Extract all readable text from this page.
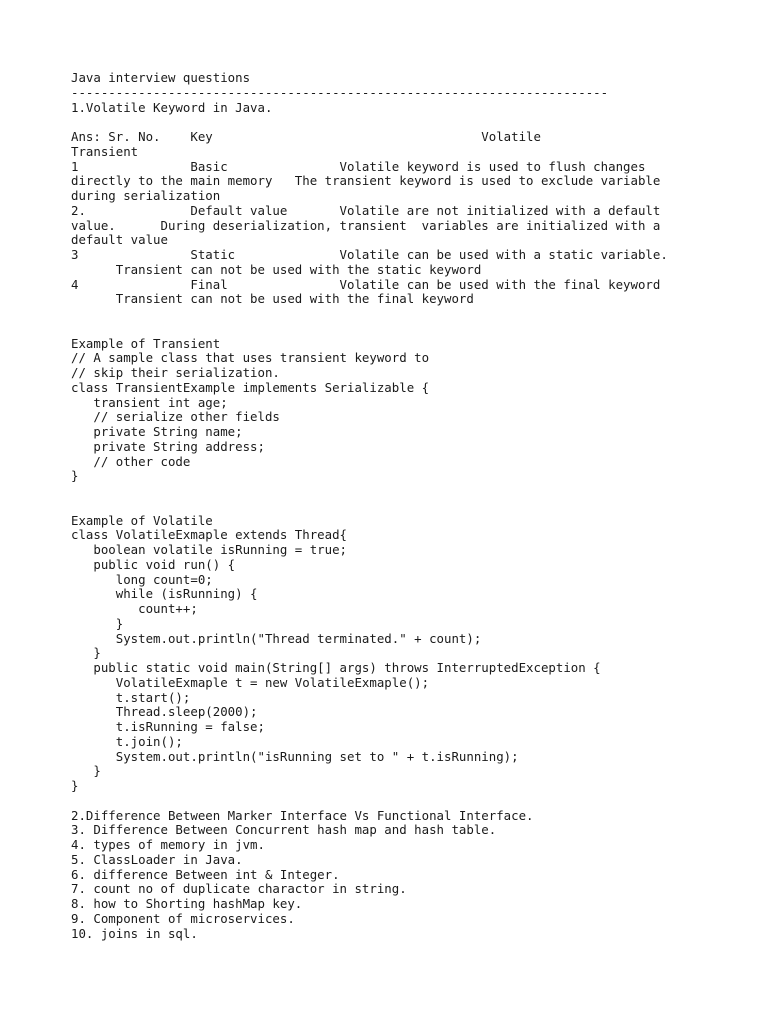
Java interview questions
------------------------------------------------------------------------
1.Volatile Keyword in Java.
Ans: Sr. No.    Key                                    Volatile
Transient
1               Basic               Volatile keyword is used to flush changes
directly to the main memory   The transient keyword is used to exclude variable
during serialization
2.              Default value       Volatile are not initialized with a default
value.      During deserialization, transient  variables are initialized with a
default value
3               Static              Volatile can be used with a static variable.
Transient can not be used with the static keyword
4               Final               Volatile can be used with the final keyword
Transient can not be used with the final keyword
Example of Transient
// A sample class that uses transient keyword to
// skip their serialization.
class TransientExample implements Serializable {
transient int age;
// serialize other fields
private String name;
private String address;
// other code
}
Example of Volatile
class VolatileExmaple extends Thread{
boolean volatile isRunning = true;
public void run() {
long count=0;
while (isRunning) {
count++;
}
System.out.println("Thread terminated." + count);
}
public static void main(String[] args) throws InterruptedException {
VolatileExmaple t = new VolatileExmaple();
t.start();
Thread.sleep(2000);
t.isRunning = false;
t.join();
System.out.println("isRunning set to " + t.isRunning);
}
}
2.Difference Between Marker Interface Vs Functional Interface.
3. Difference Between Concurrent hash map and hash table.
4. types of memory in jvm.
5. ClassLoader in Java.
6. difference Between int & Integer.
7. count no of duplicate charactor in string.
8. how to Shorting hashMap key.
9. Component of microservices.
10. joins in sql.
